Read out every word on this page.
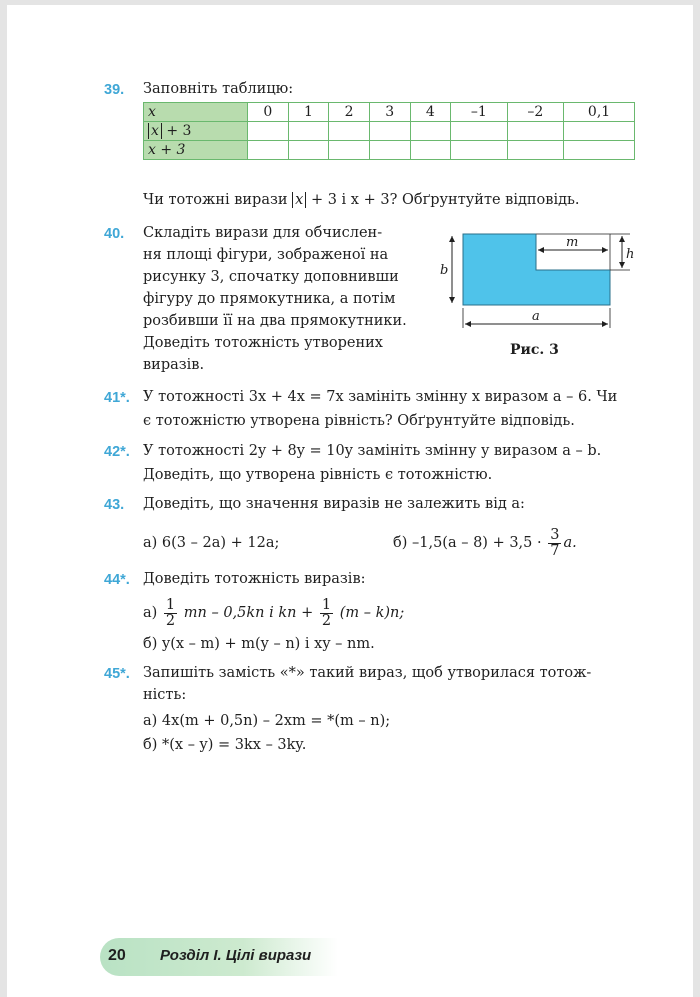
39. Заповніть таблицю:
x	0	1	2	3	4	–1	–2	0,1
x + 3								
x + 3								
Чи тотожні вирази x + 3 і x + 3? Обґрунтуйте відповідь.
40. Складіть вирази для обчислен-
ня площі фігури, зображеної на
рисунку 3, спочатку доповнивши
фігуру до прямокутника, а потім
розбивши її на два прямокутники.
Доведіть тотожність утворених
виразів.
m
h
b
a
Рис. 3
41*. У тотожності 3x + 4x = 7x замініть змінну x виразом a – 6. Чи
є тотожністю утворена рівність? Обґрунтуйте відповідь.
42*. У тотожності 2y + 8y = 10y замініть змінну y виразом a – b.
Доведіть, що утворена рівність є тотожністю.
43. Доведіть, що значення виразів не залежить від a:
а) 6(3 – 2a) + 12a;	б) $-1,5(a - 8) + 3,5 \cdot \frac{3}{7} a$.
44*. Доведіть тотожність виразів:
$а) \frac{1}{2}$ mn – 0,5kn і kn + $\frac{1}{2} (m - k)n$;
б) y(x – m) + m(y – n) і xy – nm.
45*. Запишіть замість «*» такий вираз, щоб утворилася тотож-
ність:
а) 4x(m + 0,5n) – 2xm = *(m – n);
б) *(x – y) = 3kx – 3ky.
20 Розділ І. Цілі вирази
